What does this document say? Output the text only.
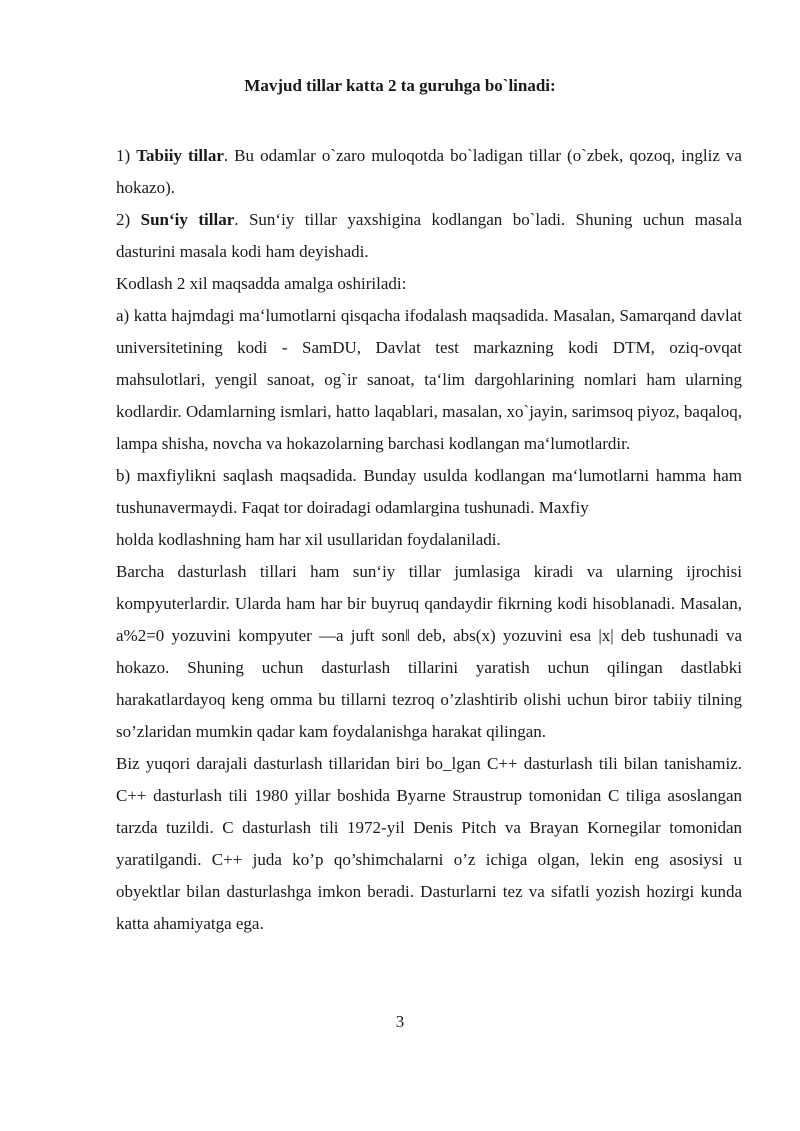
Mavjud tillar katta 2 ta guruhga bo`linadi:

1) Tabiiy tillar. Bu odamlar o`zaro muloqotda bo`ladigan tillar (o`zbek, qozoq, ingliz va hokazo).

2) Sun‘iy tillar. Sun‘iy tillar yaxshigina kodlangan bo`ladi. Shuning uchun masala dasturini masala kodi ham deyishadi.

Kodlash 2 xil maqsadda amalga oshiriladi:

a) katta hajmdagi ma‘lumotlarni qisqacha ifodalash maqsadida. Masalan, Samarqand davlat universitetining kodi - SamDU, Davlat test markazning kodi DTM, oziq-ovqat mahsulotlari, yengil sanoat, og`ir sanoat, ta‘lim dargohlarining nomlari ham ularning kodlardir. Odamlarning ismlari, hatto laqablari, masalan, xo`jayin, sarimsoq piyoz, baqaloq, lampa shisha, novcha va hokazolarning barchasi kodlangan ma‘lumotlardir.

b) maxfiylikni saqlash maqsadida. Bunday usulda kodlangan ma‘lumotlarni hamma ham tushunavermaydi. Faqat tor doiradagi odamlargina tushunadi. Maxfiy

holda kodlashning ham har xil usullaridan foydalaniladi.

Barcha dasturlash tillari ham sun‘iy tillar jumlasiga kiradi va ularning ijrochisi kompyuterlardir. Ularda ham har bir buyruq qandaydir fikrning kodi hisoblanadi. Masalan, a%2=0 yozuvini kompyuter ―a juft son‖ deb, abs(x) yozuvini esa |x| deb tushunadi va hokazo. Shuning uchun dasturlash tillarini yaratish uchun qilingan dastlabki harakatlardayoq keng omma bu tillarni tezroq o’zlashtirib olishi uchun biror tabiiy tilning so’zlaridan mumkin qadar kam foydalanishga harakat qilingan.

Biz yuqori darajali dasturlash tillaridan biri bo_lgan C++ dasturlash tili bilan tanishamiz. C++ dasturlash tili 1980 yillar boshida Byarne Straustrup tomonidan C tiliga asoslangan tarzda tuzildi. C dasturlash tili 1972-yil Denis Pitch va Brayan Kornegilar tomonidan yaratilgandi. C++ juda ko’p qo’shimchalarni o’z ichiga olgan, lekin eng asosiysi u obyektlar bilan dasturlashga imkon beradi. Dasturlarni tez va sifatli yozish hozirgi kunda katta ahamiyatga ega.

3
